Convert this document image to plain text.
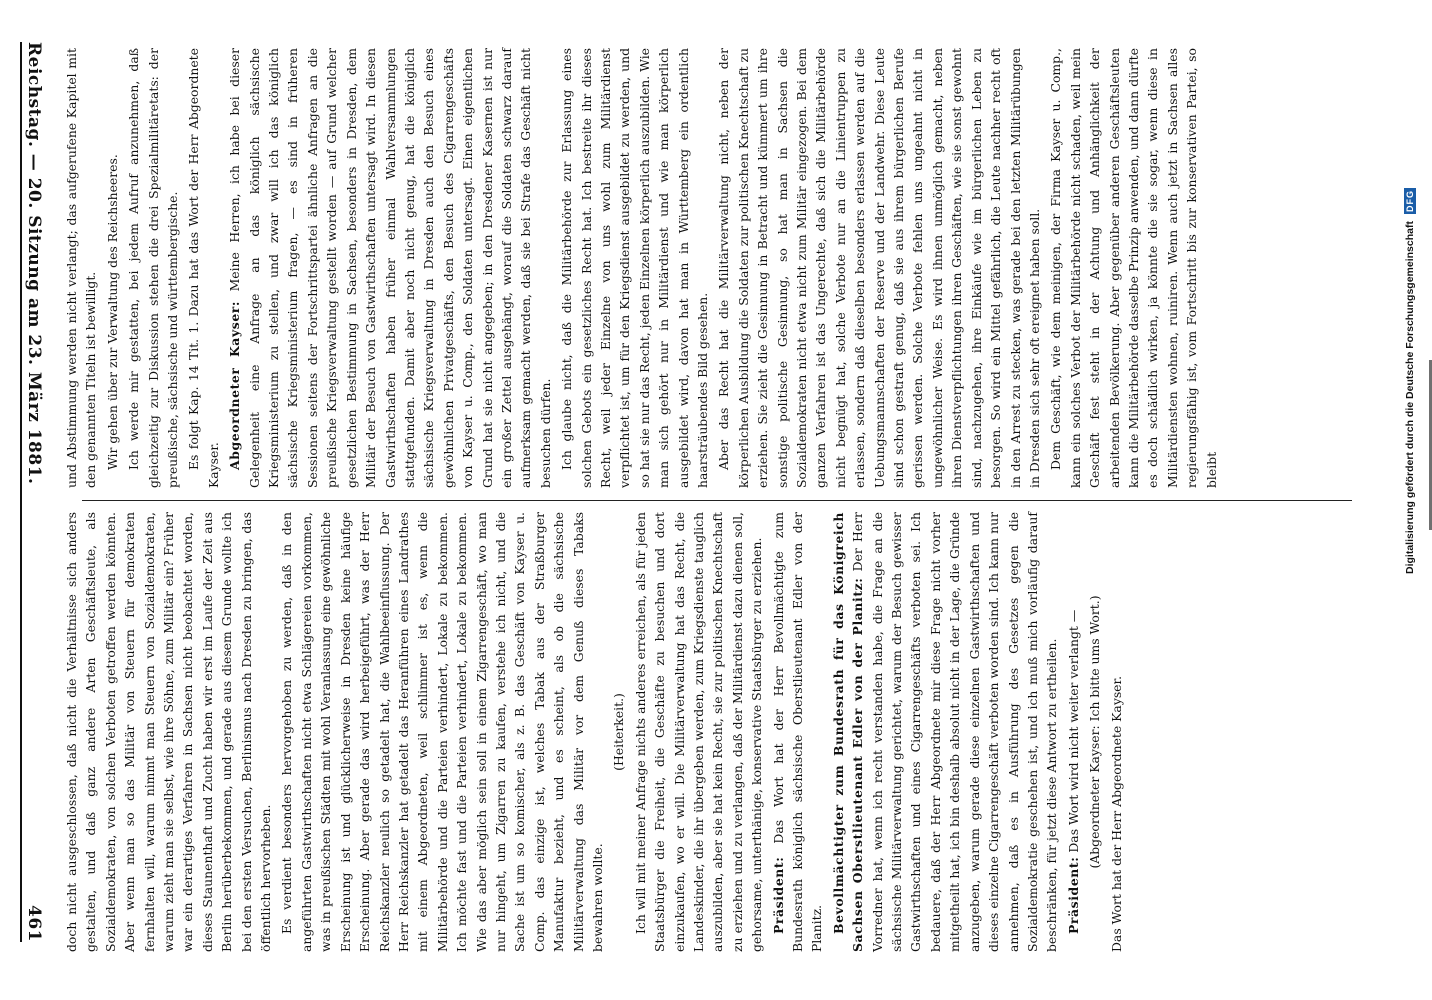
Reichstag. — 20. Sitzung am 23. März 1881.
461

und Abstimmung werden nicht verlangt; das aufgerufene Kapitel mit den genannten Titeln ist bewilligt. Wir gehen über zur Verwaltung des Reichsheeres. Ich werde mir gestatten, bei jedem Aufruf anzunehmen, daß gleichzeitig zur Diskussion stehen die drei Spezialmilitäretats: der preußische, sächsische und württembergische. Es folgt Kap. 14 Tit. 1. Dazu hat das Wort der Herr Abgeordnete Kayser. Abgeordneter Kayser: Meine Herren, ich habe bei dieser Gelegenheit eine Anfrage an das königlich sächsische Kriegsministerium zu stellen, und zwar will ich das königlich sächsische Kriegsministerium fragen, — es sind in früheren Sessionen seitens der Fortschrittspartei ähnliche Anfragen an die preußische Kriegsverwaltung gestellt worden — auf Grund welcher gesetzlichen Bestimmung in Sachsen, besonders in Dresden, dem Militär der Besuch von Gastwirthschaften untersagt wird. In diesen Gastwirthschaften haben früher einmal Wahlversammlungen stattgefunden. Damit aber noch nicht genug, hat die königlich sächsische Kriegsverwaltung in Dresden auch den Besuch eines gewöhnlichen Privatgeschäfts, den Besuch des Cigarrengeschäfts von Kayser u. Comp., den Soldaten untersagt. Einen eigentlichen Grund hat sie nicht angegeben; in den Dresdener Kasernen ist nur ein großer Zettel ausgehängt, worauf die Soldaten schwarz darauf aufmerksam gemacht werden, daß sie bei Strafe das Geschäft nicht besuchen dürfen. Ich glaube nicht, daß die Militärbehörde zur Erlassung eines solchen Gebots ein gesetzliches Recht hat. Ich bestreite ihr dieses Recht, weil jeder Einzelne von uns wohl zum Militärdienst verpflichtet ist, um für den Kriegsdienst ausgebildet zu werden, und so hat sie nur das Recht, jeden Einzelnen körperlich auszubilden. Wie man sich gehört nur in Militärdienst und wie man körperlich ausgebildet wird, davon hat man in Württemberg ein ordentlich haarsträubendes Bild gesehen. Aber das Recht hat die Militärverwaltung nicht, neben der körperlichen Ausbildung die Soldaten zur politischen Knechtschaft zu erziehen. Sie zieht die Gesinnung in Betracht und kümmert um ihre sonstige politische Gesinnung, so hat man in Sachsen die Sozialdemokraten nicht etwa nicht zum Militär eingezogen. Bei dem ganzen Verfahren ist das Ungerechte, daß sich die Militärbehörde nicht begnügt hat, solche Verbote nur an die Linientruppen zu erlassen, sondern daß dieselben besonders erlassen werden auf die Uebungsmannschaften der Reserve und der Landwehr. Diese Leute sind schon gestraft genug, daß sie aus ihrem bürgerlichen Berufe gerissen werden. Solche Verbote fehlen uns ungeahnt nicht in ungewöhnlicher Weise. Es wird ihnen unmöglich gemacht, neben ihren Dienstverpflichtungen ihren Geschäften, wie sie sonst gewohnt sind, nachzugehen, ihre Einkäufe wie im bürgerlichen Leben zu besorgen. So wird ein Mittel gefährlich, die Leute nachher recht oft in den Arrest zu stecken, was gerade bei den letzten Militärübungen in Dresden sich sehr oft ereignet haben soll. Dem Geschäft, wie dem meinigen, der Firma Kayser u. Comp., kann ein solches Verbot der Militärbehörde nicht schaden, weil mein Geschäft fest steht in der Achtung und Anhänglichkeit der arbeitenden Bevölkerung. Aber gegenüber anderen Geschäftsleuten kann die Militärbehörde dasselbe Prinzip anwenden, und dann dürfte es doch schädlich wirken, ja könnte die sie sogar, wenn diese in Militärdiensten wohnen, ruiniren. Wenn auch jetzt in Sachsen alles regierungsfähig ist, vom Fortschritt bis zur konservativen Partei, so bleibt

doch nicht ausgeschlossen, daß nicht die Verhältnisse sich anders gestalten, und daß ganz andere Arten Geschäftsleute, als Sozialdemokraten, von solchen Verboten getroffen werden könnten. Aber wenn man so das Militär von Steuern für demokraten fernhalten will, warum nimmt man Steuern von Sozialdemokraten, warum zieht man sie selbst, wie ihre Söhne, zum Militär ein? Früher war ein derartiges Verfahren in Sachsen nicht beobachtet worden, dieses Staunenthaft und Zucht haben wir erst im Laufe der Zeit aus Berlin herüberbekommen, und gerade aus diesem Grunde wollte ich bei den ersten Versuchen, Berlinismus nach Dresden zu bringen, das öffentlich hervorheben. Es verdient besonders hervorgehoben zu werden, daß in den angeführten Gastwirthschaften nicht etwa Schlägereien vorkommen, was in preußischen Städten mit wohl Veranlassung eine gewöhnliche Erscheinung ist und glücklicherweise in Dresden keine häufige Erscheinung. Aber gerade das wird herbeigeführt, was der Herr Reichskanzler neulich so getadelt hat, die Wahlbeeinflussung. Der Herr Reichskanzler hat getadelt das Heranführen eines Landrathes mit einem Abgeordneten, weil schlimmer ist es, wenn die Militärbehörde und die Parteien verhindert, Lokale zu bekommen. Ich möchte fast und die Parteien verhindert, Lokale zu bekommen. Wie das aber möglich sein soll in einem Zigarrengeschäft, wo man nur hingeht, um Zigarren zu kaufen, verstehe ich nicht, und die Sache ist um so komischer, als z. B. das Geschäft von Kayser u. Comp. das einzige ist, welches Tabak aus der Straßburger Manufaktur bezieht, und es scheint, als ob die sächsische Militärverwaltung das Militär vor dem Genuß dieses Tabaks bewahren wollte.

(Heiterkeit.) Ich will mit meiner Anfrage nichts anderes erreichen, als für jeden Staatsbürger die Freiheit, die Geschäfte zu besuchen und dort einzukaufen, wo er will. Die Militärverwaltung hat das Recht, die Landeskinder, die ihr übergeben werden, zum Kriegsdienste tauglich auszubilden, aber sie hat kein Recht, sie zur politischen Knechtschaft zu erziehen und zu verlangen, daß der Militärdienst dazu dienen soll, gehorsame, unterthänige, konservative Staatsbürger zu erziehen. Präsident: Das Wort hat der Herr Bevollmächtigte zum Bundesrath königlich sächsische Oberstlieutenant Edler von der Planitz. Bevollmächtigter zum Bundesrath für das Königreich Sachsen Oberstlieutenant Edler von der Planitz: Der Herr Vorredner hat, wenn ich recht verstanden habe, die Frage an die sächsische Militärverwaltung gerichtet, warum der Besuch gewisser Gastwirthschaften und eines Cigarrengeschäfts verboten sei. Ich bedauere, daß der Herr Abgeordnete mir diese Frage nicht vorher mitgetheilt hat, ich bin deshalb absolut nicht in der Lage, die Gründe anzugeben, warum gerade diese einzelnen Gastwirthschaften und dieses einzelne Cigarrengeschäft verboten worden sind. Ich kann nur annehmen, daß es in Ausführung des Gesetzes gegen die Sozialdemokratie geschehen ist, und ich muß mich vorläufig darauf beschränken, für jetzt diese Antwort zu ertheilen. Präsident: Das Wort wird nicht weiter verlangt — (Abgeordneter Kayser: Ich bitte ums Wort.) Das Wort hat der Herr Abgeordnete Kayser.

Digitalisierung gefördert durch die Deutsche Forschungsgemeinschaft DFG
